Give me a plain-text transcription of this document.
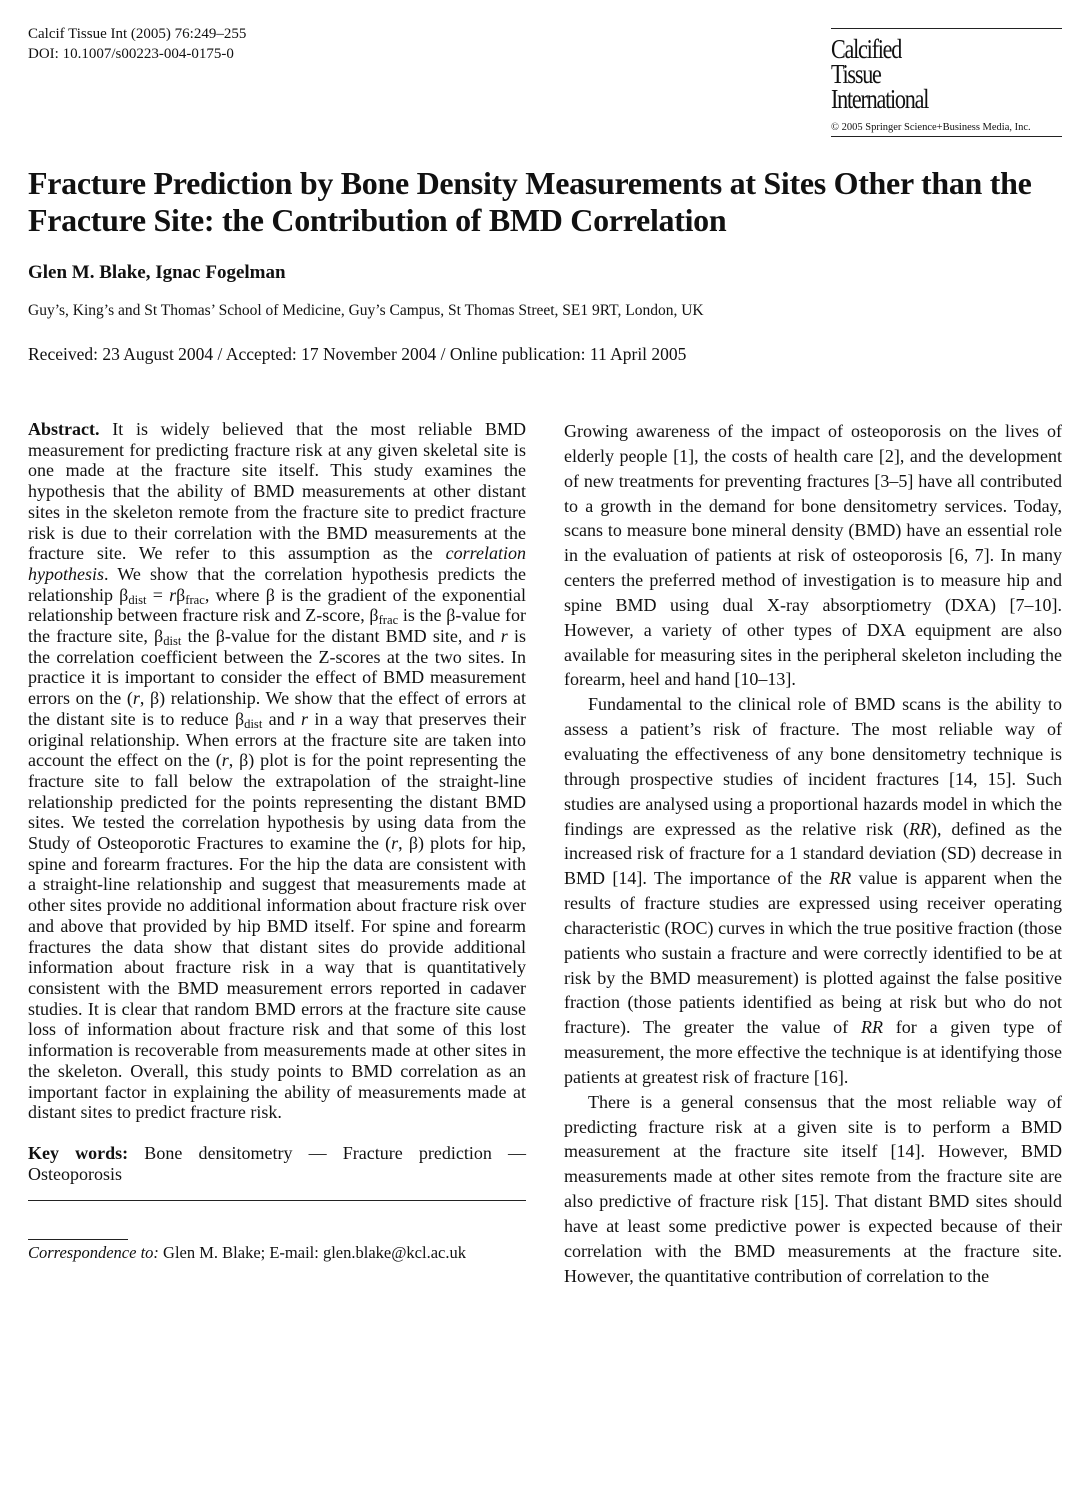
Calcif Tissue Int (2005) 76:249–255
DOI: 10.1007/s00223-004-0175-0	Calcified
Tissue
International
© 2005 Springer Science+Business Media, Inc.
Fracture Prediction by Bone Density Measurements at Sites Other than the Fracture Site: the Contribution of BMD Correlation
Glen M. Blake, Ignac Fogelman
Guy’s, King’s and St Thomas’ School of Medicine, Guy’s Campus, St Thomas Street, SE1 9RT, London, UK
Received: 23 August 2004 / Accepted: 17 November 2004 / Online publication: 11 April 2005

Abstract. It is widely believed that the most reliable BMD measurement for predicting fracture risk at any given skeletal site is one made at the fracture site itself. This study examines the hypothesis that the ability of BMD measurements at other distant sites in the skeleton remote from the fracture site to predict fracture risk is due to their correlation with the BMD measurements at the fracture site. We refer to this assumption as the correlation hypothesis. We show that the correlation hypothesis predicts the relationship $\beta_{dist} = r\beta_{frac}$, where β is the gradient of the exponential relationship between fracture risk and Z-score, $\beta_{frac}$ is the β-value for the fracture site, $\beta_{dist}$ the β-value for the distant BMD site, and r is the correlation coefficient between the Z-scores at the two sites. In practice it is important to consider the effect of BMD measurement errors on the (r, β) relationship. We show that the effect of errors at the distant site is to reduce $\beta_{dist}$ and r in a way that preserves their original relationship. When errors at the fracture site are taken into account the effect on the (r, β) plot is for the point representing the fracture site to fall below the extrapolation of the straight-line relationship predicted for the points representing the distant BMD sites. We tested the correlation hypothesis by using data from the Study of Osteoporotic Fractures to examine the (r, β) plots for hip, spine and forearm fractures. For the hip the data are consistent with a straight-line relationship and suggest that measurements made at other sites provide no additional information about fracture risk over and above that provided by hip BMD itself. For spine and forearm fractures the data show that distant sites do provide additional information about fracture risk in a way that is quantitatively consistent with the BMD measurement errors reported in cadaver studies. It is clear that random BMD errors at the fracture site cause loss of information about fracture risk and that some of this lost information is recoverable from measurements made at other sites in the skeleton. Overall, this study points to BMD correlation as an important factor in explaining the ability of measurements made at distant sites to predict fracture risk.

Key words: Bone densitometry — Fracture prediction — Osteoporosis
Correspondence to: Glen M. Blake; E-mail: glen.blake@kcl.ac.uk

Growing awareness of the impact of osteoporosis on the lives of elderly people [1], the costs of health care [2], and the development of new treatments for preventing fractures [3–5] have all contributed to a growth in the demand for bone densitometry services. Today, scans to measure bone mineral density (BMD) have an essential role in the evaluation of patients at risk of osteoporosis [6, 7]. In many centers the preferred method of investigation is to measure hip and spine BMD using dual X-ray absorptiometry (DXA) [7–10]. However, a variety of other types of DXA equipment are also available for measuring sites in the peripheral skeleton including the forearm, heel and hand [10–13].

Fundamental to the clinical role of BMD scans is the ability to assess a patient’s risk of fracture. The most reliable way of evaluating the effectiveness of any bone densitometry technique is through prospective studies of incident fractures [14, 15]. Such studies are analysed using a proportional hazards model in which the findings are expressed as the relative risk (RR), defined as the increased risk of fracture for a 1 standard deviation (SD) decrease in BMD [14]. The importance of the RR value is apparent when the results of fracture studies are expressed using receiver operating characteristic (ROC) curves in which the true positive fraction (those patients who sustain a fracture and were correctly identified to be at risk by the BMD measurement) is plotted against the false positive fraction (those patients identified as being at risk but who do not fracture). The greater the value of RR for a given type of measurement, the more effective the technique is at identifying those patients at greatest risk of fracture [16].

There is a general consensus that the most reliable way of predicting fracture risk at a given site is to perform a BMD measurement at the fracture site itself [14]. However, BMD measurements made at other sites remote from the fracture site are also predictive of fracture risk [15]. That distant BMD sites should have at least some predictive power is expected because of their correlation with the BMD measurements at the fracture site. However, the quantitative contribution of correlation to the
